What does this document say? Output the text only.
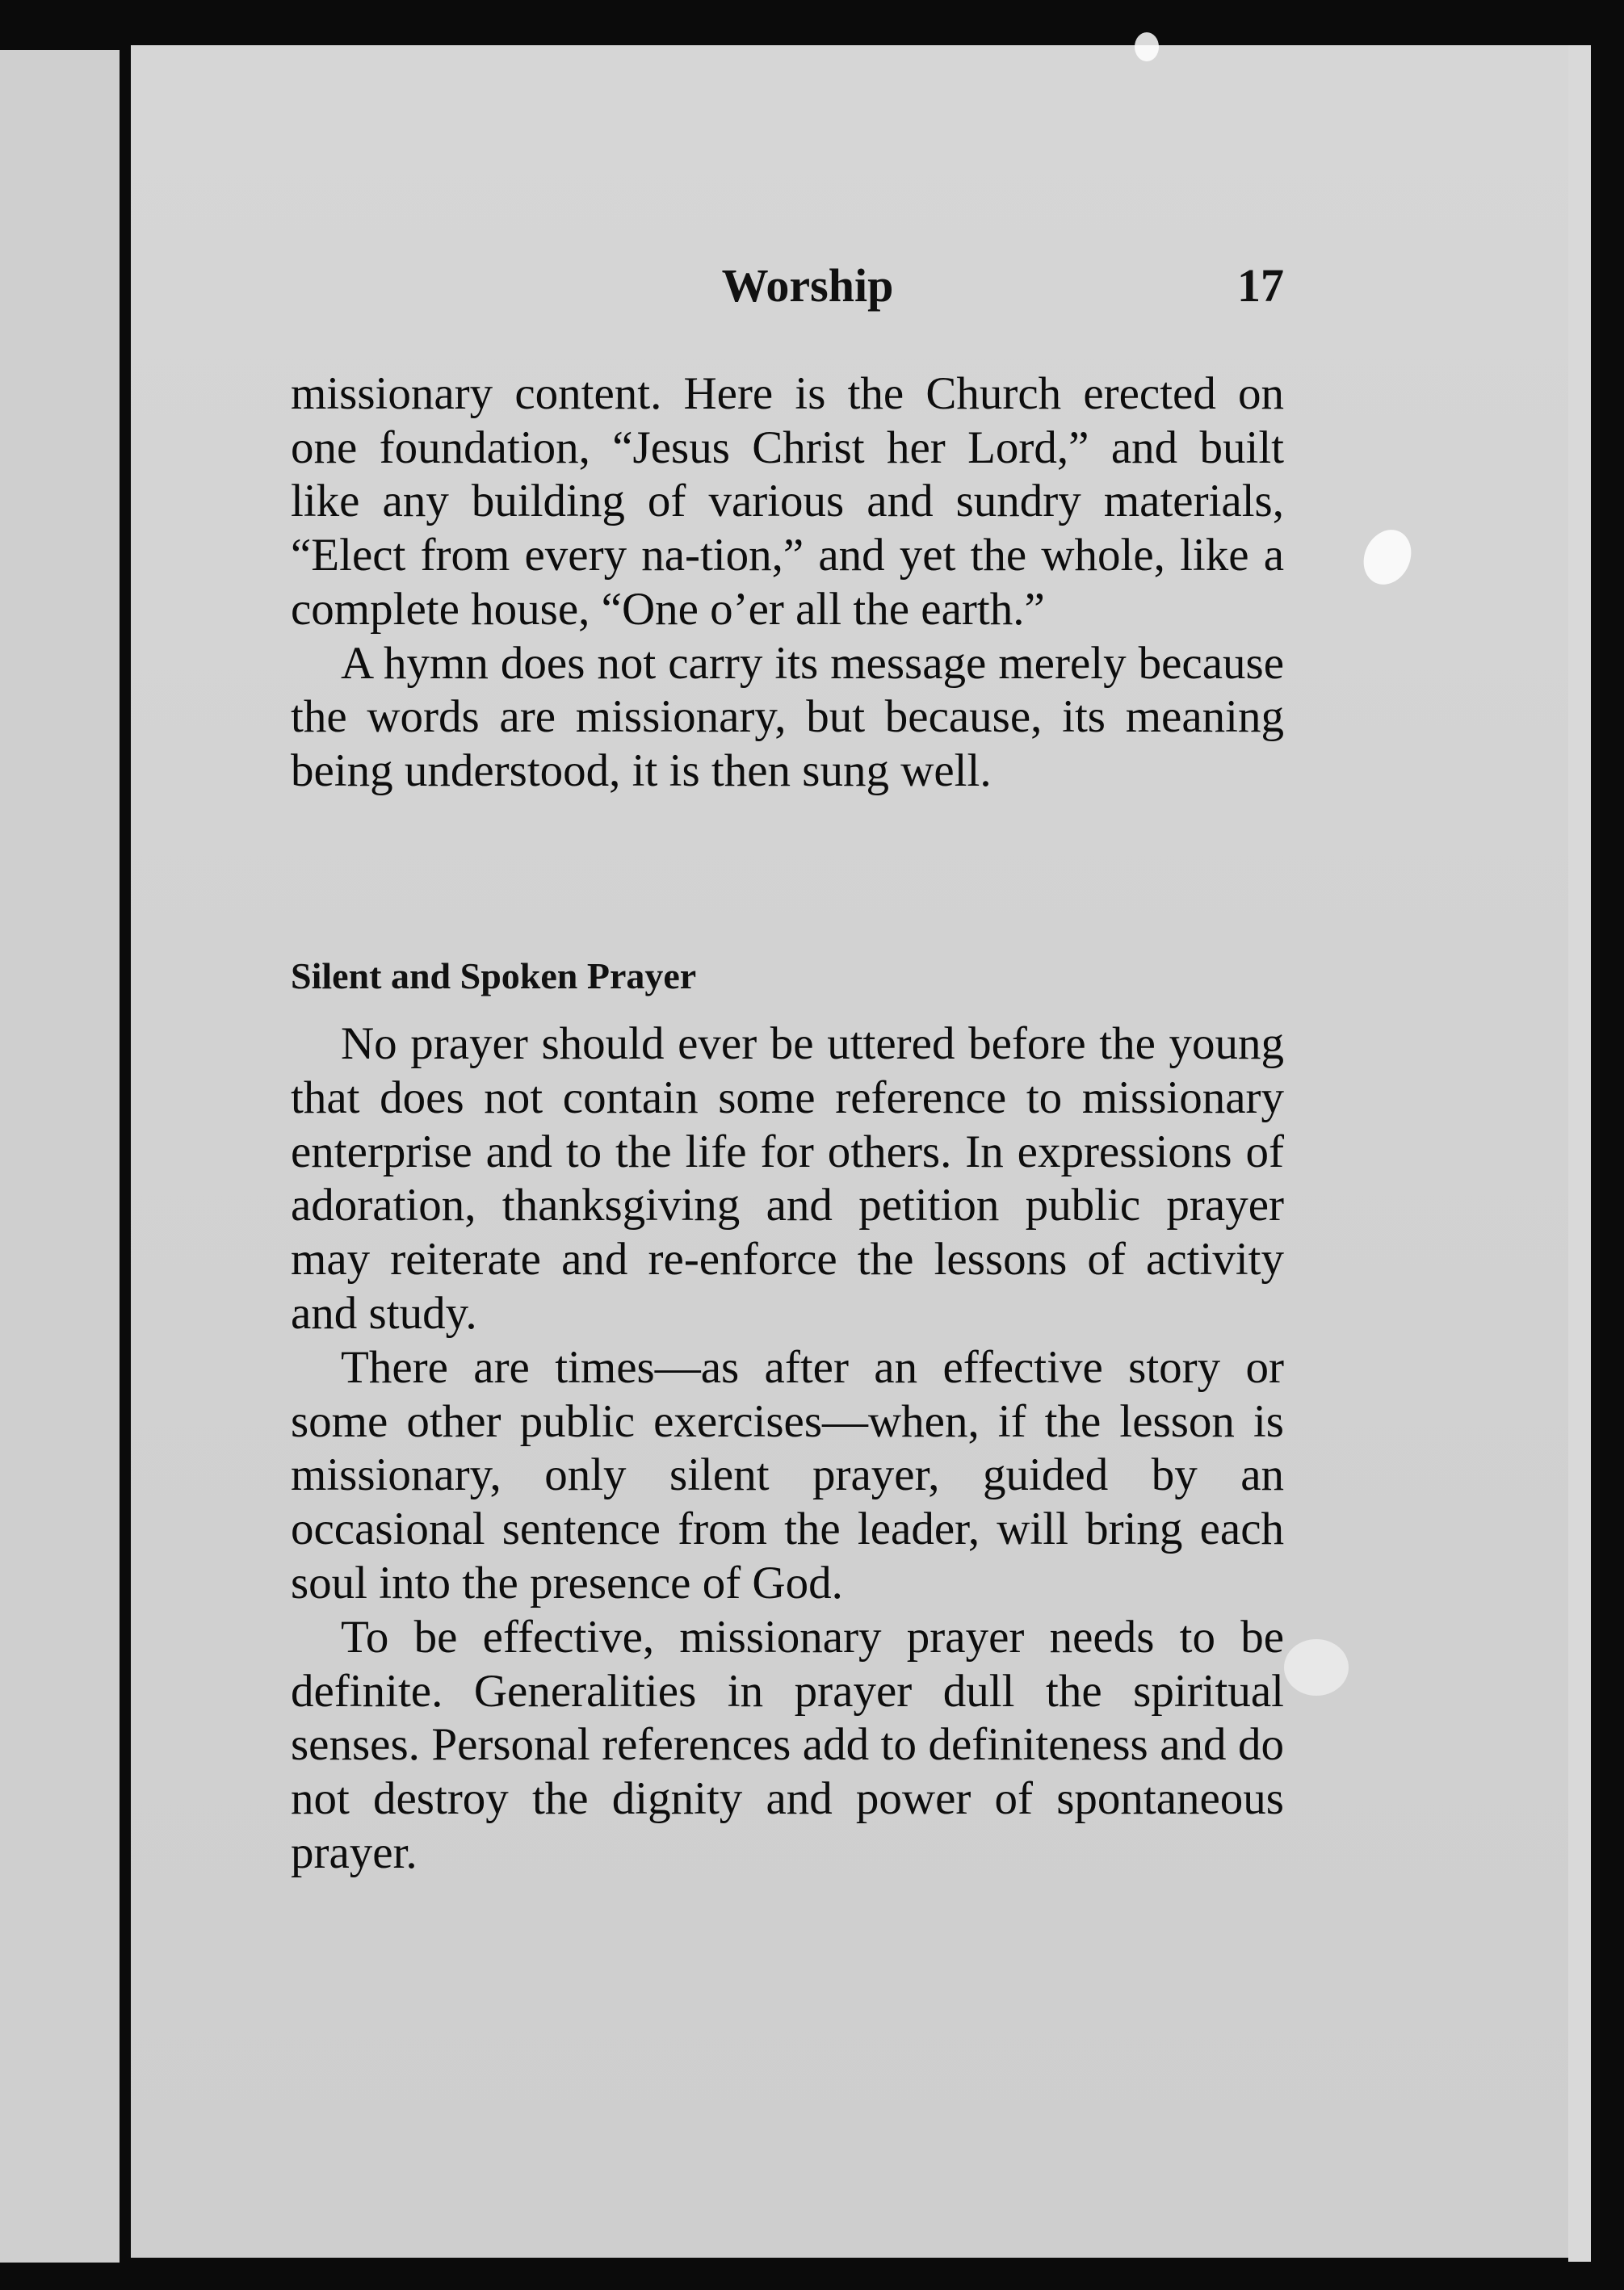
Worship	17

missionary content. Here is the Church erected on one foundation, “Jesus Christ her Lord,” and built like any building of various and sundry materials, “Elect from every na-tion,” and yet the whole, like a complete house, “One o’er all the earth.”

A hymn does not carry its message merely because the words are missionary, but because, its meaning being understood, it is then sung well.

Silent and Spoken Prayer

No prayer should ever be uttered before the young that does not contain some reference to missionary enterprise and to the life for others. In expressions of adoration, thanksgiving and petition public prayer may reiterate and re-enforce the lessons of activity and study.

There are times—as after an effective story or some other public exercises—when, if the lesson is missionary, only silent prayer, guided by an occasional sentence from the leader, will bring each soul into the presence of God.

To be effective, missionary prayer needs to be definite. Generalities in prayer dull the spiritual senses. Personal references add to definiteness and do not destroy the dignity and power of spontaneous prayer.
